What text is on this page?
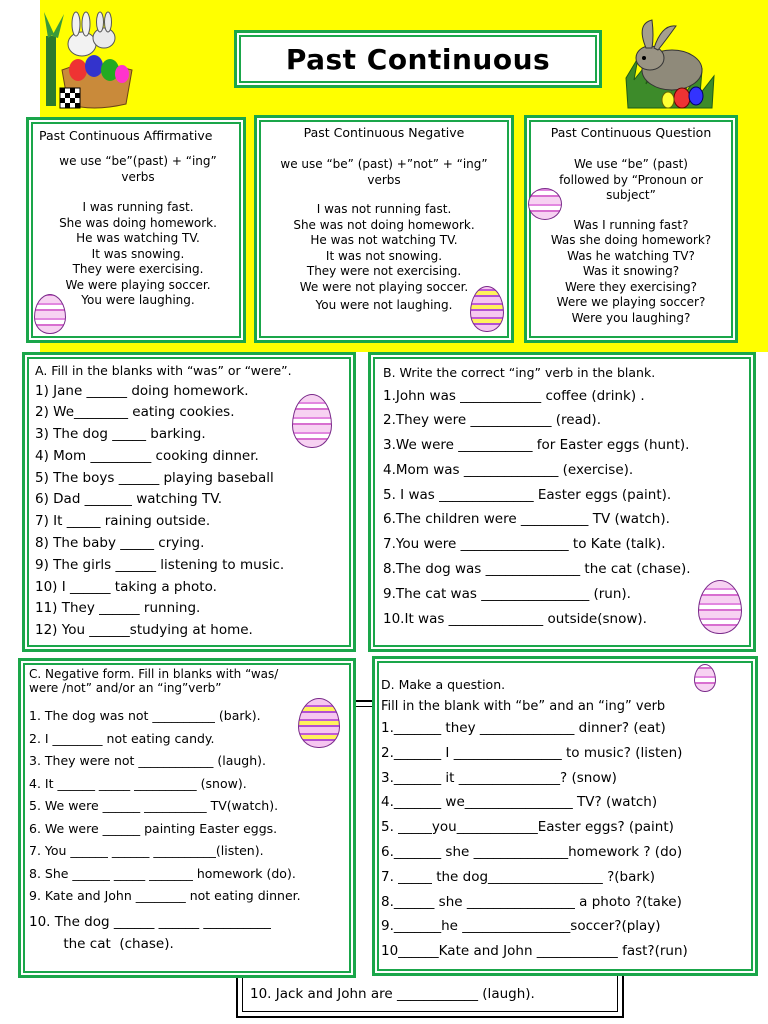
Past Continuous
Past Continuous Affirmative
we use “be”(past) + “ing” verbs
I was running fast.
She was doing homework.
He was watching TV.
It was snowing.
They were exercising.
We were playing soccer.
You were laughing.
Past Continuous Negative
we use “be” (past) +”not” + “ing” verbs
I was not running fast.
She was not doing homework.
He was not watching TV.
It was not snowing.
They were not exercising.
We were not playing soccer.
You were not laughing.
Past Continuous Question
We use “be” (past) followed by “Pronoun or subject”
Was I running fast?
Was she doing homework?
Was he watching TV?
Was it snowing?
Were they exercising?
Were we playing soccer?
Were you laughing?
A. Fill in the blanks with “was” or “were”.
1) Jane ______ doing homework.
2) We________ eating cookies.
3) The dog _____ barking.
4) Mom _________ cooking dinner.
5) The boys ______ playing baseball
6) Dad _______ watching TV.
7) It _____ raining outside.
8) The baby _____ crying.
9) The girls ______ listening to music.
10) I ______ taking a photo.
11) They ______ running.
12) You ______studying at home.
B. Write the correct “ing” verb in the blank.
1.John was ____________ coffee (drink) .
2.They were ____________ (read).
3.We were ___________ for Easter eggs (hunt).
4.Mom was ______________ (exercise).
5. I was ______________ Easter eggs (paint).
6.The children were __________ TV (watch).
7.You were ________________ to Kate (talk).
8.The dog was ______________ the cat (chase).
9.The cat was ________________ (run).
10.It was ______________ outside(snow).
10. Jack and John are ____________ (laugh).
C. Negative form. Fill in blanks with “was/ were /not” and/or an “ing”verb”
1. The dog was not __________ (bark).
2. I ________ not eating candy.
3. They were not ____________ (laugh).
4. It ______ _____ __________ (snow).
5. We were ______ __________ TV(watch).
6. We were ______ painting Easter eggs.
7. You ______ ______ __________(listen).
8. She ______ _____ _______ homework (do).
9. Kate and John ________ not eating dinner.
10. The dog ______ ______ __________
the cat  (chase).
D. Make a question.
Fill in the blank with “be” and an “ing” verb
1._______ they ______________ dinner? (eat)
2._______ I ________________ to music? (listen)
3._______ it _______________? (snow)
4._______ we________________ TV? (watch)
5. _____you____________Easter eggs? (paint)
6._______ she ______________homework ? (do)
7. _____ the dog_________________ ?(bark)
8.______ she ________________ a photo ?(take)
9._______he ________________soccer?(play)
10______Kate and John ____________ fast?(run)
